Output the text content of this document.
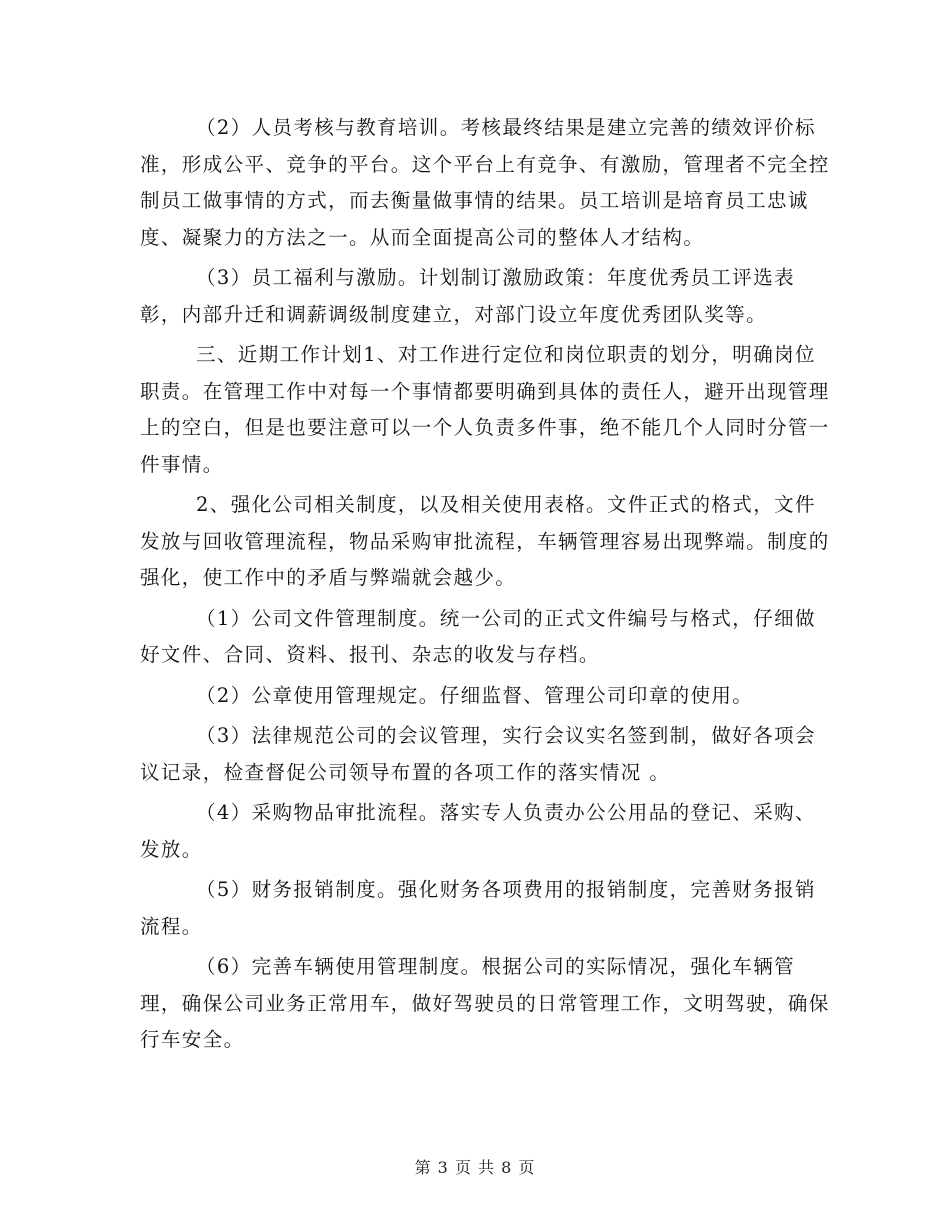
（2）人员考核与教育培训。考核最终结果是建立完善的绩效评价标准，形成公平、竞争的平台。这个平台上有竞争、有激励，管理者不完全控制员工做事情的方式，而去衡量做事情的结果。员工培训是培育员工忠诚度、凝聚力的方法之一。从而全面提高公司的整体人才结构。

（3）员工福利与激励。计划制订激励政策：年度优秀员工评选表彰，内部升迁和调薪调级制度建立，对部门设立年度优秀团队奖等。

三、近期工作计划1、对工作进行定位和岗位职责的划分，明确岗位职责。在管理工作中对每一个事情都要明确到具体的责任人，避开出现管理上的空白，但是也要注意可以一个人负责多件事，绝不能几个人同时分管一件事情。

2、强化公司相关制度，以及相关使用表格。文件正式的格式，文件发放与回收管理流程，物品采购审批流程，车辆管理容易出现弊端。制度的强化，使工作中的矛盾与弊端就会越少。

（1）公司文件管理制度。统一公司的正式文件编号与格式，仔细做好文件、合同、资料、报刊、杂志的收发与存档。

（2）公章使用管理规定。仔细监督、管理公司印章的使用。

（3）法律规范公司的会议管理，实行会议实名签到制，做好各项会议记录，检查督促公司领导布置的各项工作的落实情况 。

（4）采购物品审批流程。落实专人负责办公公用品的登记、采购、发放。

（5）财务报销制度。强化财务各项费用的报销制度，完善财务报销流程。

（6）完善车辆使用管理制度。根据公司的实际情况，强化车辆管理，确保公司业务正常用车，做好驾驶员的日常管理工作，文明驾驶，确保行车安全。

第 3 页 共 8 页
